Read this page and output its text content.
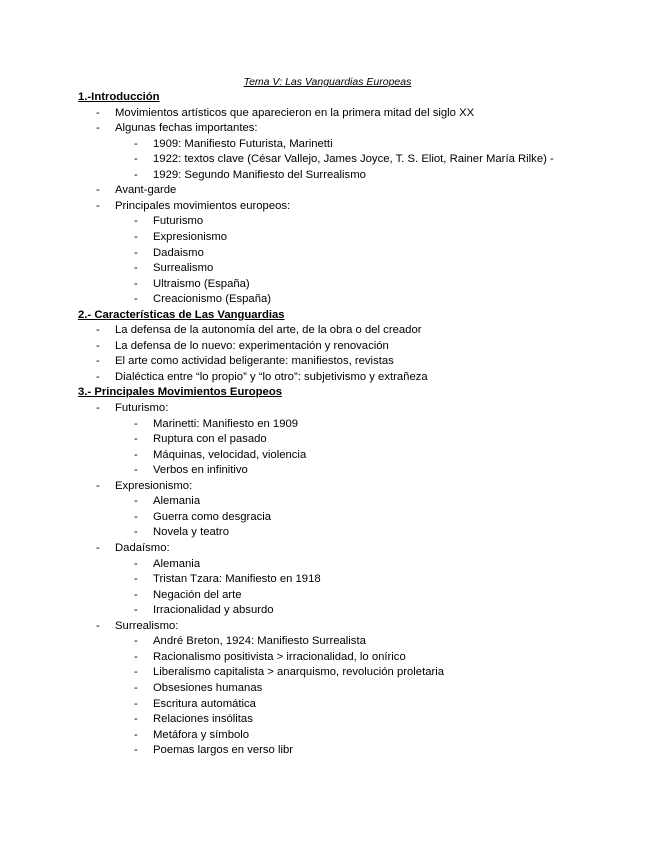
Tema V: Las Vanguardias Europeas
1.-Introducción
- Movimientos artísticos que aparecieron en la primera mitad del siglo XX
- Algunas fechas importantes:
- 1909: Manifiesto Futurista, Marinetti
- 1922: textos clave (César Vallejo, James Joyce, T. S. Eliot, Rainer María Rilke) -
- 1929: Segundo Manifiesto del Surrealismo
- Avant-garde
- Principales movimientos europeos:
- Futurismo
- Expresionismo
- Dadaismo
- Surrealismo
- Ultraismo (España)
- Creacionismo (España)
2.- Características de Las Vanguardias
- La defensa de la autonomía del arte, de la obra o del creador
- La defensa de lo nuevo: experimentación y renovación
- El arte como actividad beligerante: manifiestos, revistas
- Dialéctica entre “lo propio” y “lo otro”: subjetivismo y extrañeza
3.- Principales Movimientos Europeos
- Futurismo:
- Marinetti: Manifiesto en 1909
- Ruptura con el pasado
- Máquinas, velocidad, violencia
- Verbos en infinitivo
- Expresionismo:
- Alemania
- Guerra como desgracia
- Novela y teatro
- Dadaísmo:
- Alemania
- Tristan Tzara: Manifiesto en 1918
- Negación del arte
- Irracionalidad y absurdo
- Surrealismo:
- André Breton, 1924: Manifiesto Surrealista
- Racionalismo positivista > irracionalidad, lo onírico
- Liberalismo capitalista > anarquismo, revolución proletaria
- Obsesiones humanas
- Escritura automática
- Relaciones insólitas
- Metáfora y símbolo
- Poemas largos en verso libr
